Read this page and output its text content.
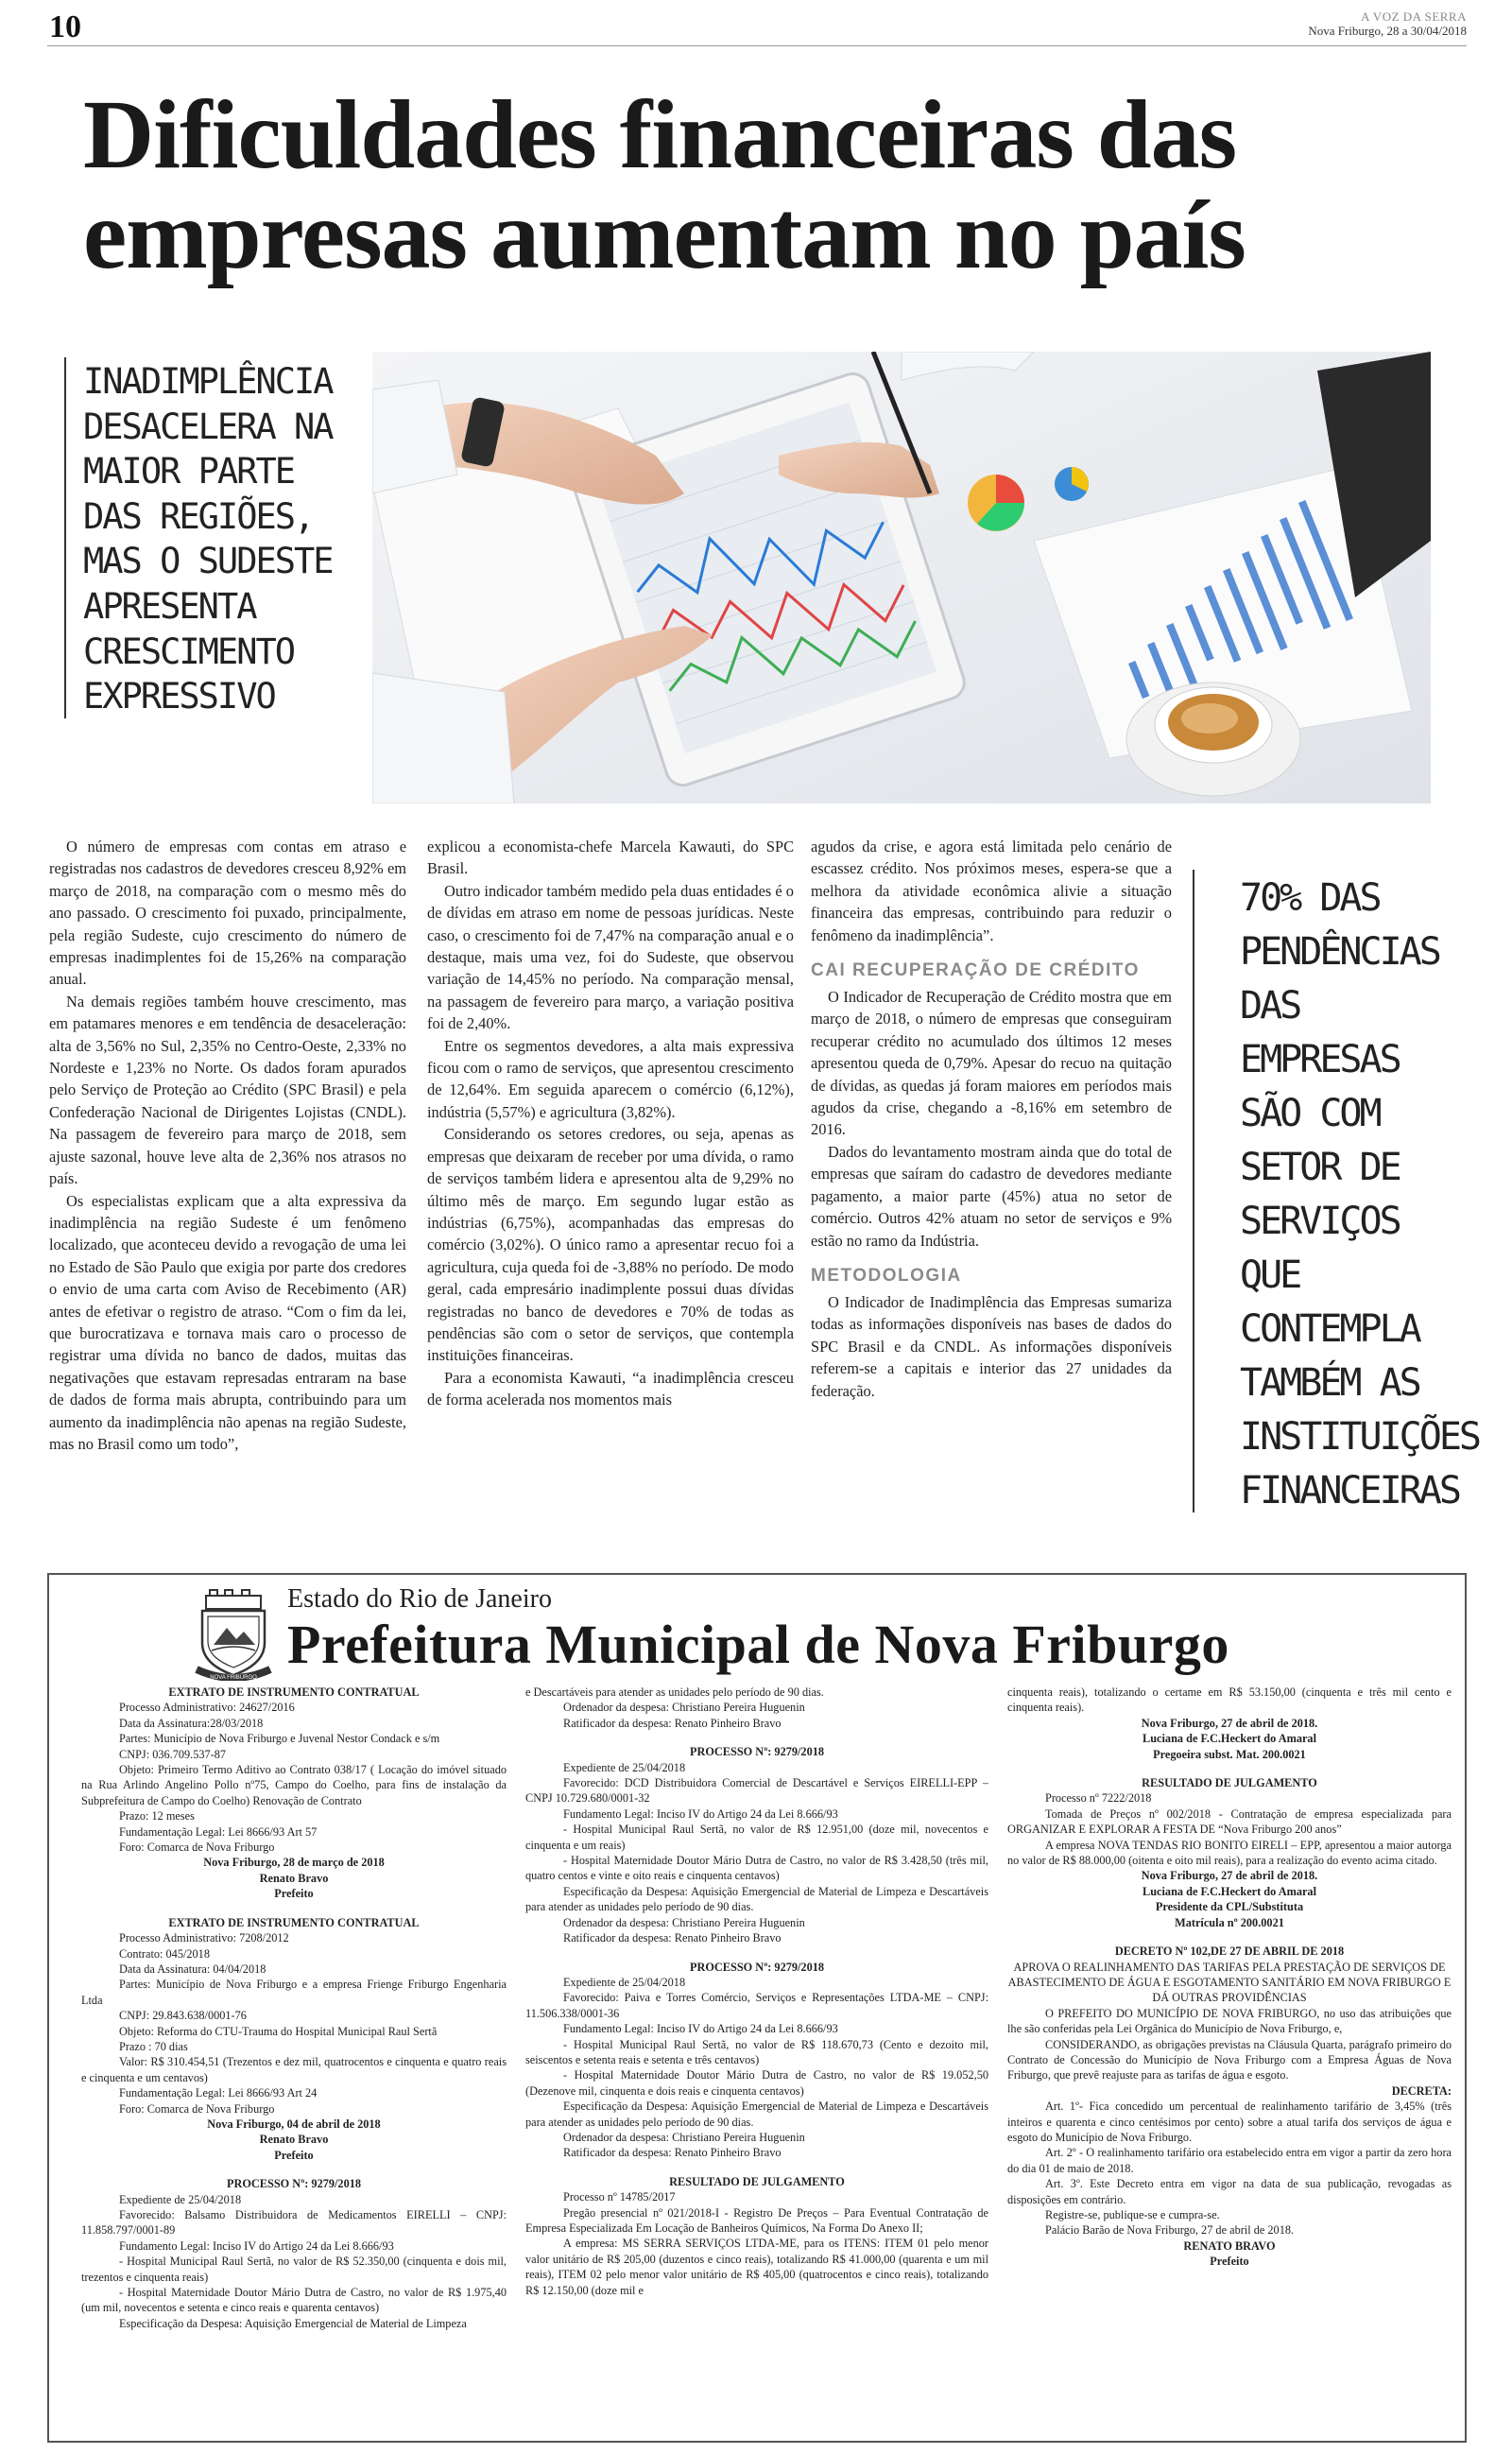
10	A VOZ DA SERRA
Nova Friburgo, 28 a 30/04/2018
Dificuldades financeiras das empresas aumentam no país
INADIMPLÊNCIA DESACELERA NA MAIOR PARTE DAS REGIÕES, MAS O SUDESTE APRESENTA CRESCIMENTO EXPRESSIVO

O número de empresas com contas em atraso e registradas nos cadastros de devedores cresceu 8,92% em março de 2018, na comparação com o mesmo mês do ano passado. O crescimento foi puxado, principalmente, pela região Sudeste, cujo crescimento do número de empresas inadimplentes foi de 15,26% na comparação anual.

Na demais regiões também houve crescimento, mas em patamares menores e em tendência de desaceleração: alta de 3,56% no Sul, 2,35% no Centro-Oeste, 2,33% no Nordeste e 1,23% no Norte. Os dados foram apurados pelo Serviço de Proteção ao Crédito (SPC Brasil) e pela Confederação Nacional de Dirigentes Lojistas (CNDL). Na passagem de fevereiro para março de 2018, sem ajuste sazonal, houve leve alta de 2,36% nos atrasos no país.

Os especialistas explicam que a alta expressiva da inadimplência na região Sudeste é um fenômeno localizado, que aconteceu devido a revogação de uma lei no Estado de São Paulo que exigia por parte dos credores o envio de uma carta com Aviso de Recebimento (AR) antes de efetivar o registro de atraso. “Com o fim da lei, que burocratizava e tornava mais caro o processo de registrar uma dívida no banco de dados, muitas das negativações que estavam represadas entraram na base de dados de forma mais abrupta, contribuindo para um aumento da inadimplência não apenas na região Sudeste, mas no Brasil como um todo”,

explicou a economista-chefe Marcela Kawauti, do SPC Brasil.

Outro indicador também medido pela duas entidades é o de dívidas em atraso em nome de pessoas jurídicas. Neste caso, o crescimento foi de 7,47% na comparação anual e o destaque, mais uma vez, foi do Sudeste, que observou variação de 14,45% no período. Na comparação mensal, na passagem de fevereiro para março, a variação positiva foi de 2,40%.

Entre os segmentos devedores, a alta mais expressiva ficou com o ramo de serviços, que apresentou crescimento de 12,64%. Em seguida aparecem o comércio (6,12%), indústria (5,57%) e agricultura (3,82%).

Considerando os setores credores, ou seja, apenas as empresas que deixaram de receber por uma dívida, o ramo de serviços também lidera e apresentou alta de 9,29% no último mês de março. Em segundo lugar estão as indústrias (6,75%), acompanhadas das empresas do comércio (3,02%). O único ramo a apresentar recuo foi a agricultura, cuja queda foi de -3,88% no período. De modo geral, cada empresário inadimplente possui duas dívidas registradas no banco de devedores e 70% de todas as pendências são com o setor de serviços, que contempla instituições financeiras.

Para a economista Kawauti, “a inadimplência cresceu de forma acelerada nos momentos mais

agudos da crise, e agora está limitada pelo cenário de escassez crédito. Nos próximos meses, espera-se que a melhora da atividade econômica alivie a situação financeira das empresas, contribuindo para reduzir o fenômeno da inadimplência”.

CAI RECUPERAÇÃO DE CRÉDITO

O Indicador de Recuperação de Crédito mostra que em março de 2018, o número de empresas que conseguiram recuperar crédito no acumulado dos últimos 12 meses apresentou queda de 0,79%. Apesar do recuo na quitação de dívidas, as quedas já foram maiores em períodos mais agudos da crise, chegando a -8,16% em setembro de 2016.

Dados do levantamento mostram ainda que do total de empresas que saíram do cadastro de devedores mediante pagamento, a maior parte (45%) atua no setor de comércio. Outros 42% atuam no setor de serviços e 9% estão no ramo da Indústria.

METODOLOGIA

O Indicador de Inadimplência das Empresas sumariza todas as informações disponíveis nas bases de dados do SPC Brasil e da CNDL. As informações disponíveis referem-se a capitais e interior das 27 unidades da federação.

70% DAS PENDÊNCIAS DAS EMPRESAS SÃO COM SETOR DE SERVIÇOS QUE CONTEMPLA TAMBÉM AS INSTITUIÇÕES FINANCEIRAS
NOVA FRIBURGO
Estado do Rio de Janeiro
Prefeitura Municipal de Nova Friburgo
EXTRATO DE INSTRUMENTO CONTRATUAL

Processo Administrativo: 24627/2016

Data da Assinatura:28/03/2018

Partes: Município de Nova Friburgo e Juvenal Nestor Condack e s/m

CNPJ: 036.709.537-87

Objeto: Primeiro Termo Aditivo ao Contrato 038/17 ( Locação do imóvel situado na Rua Arlindo Angelino Pollo nº75, Campo do Coelho, para fins de instalação da Subprefeitura de Campo do Coelho) Renovação de Contrato

Prazo: 12 meses

Fundamentação Legal: Lei 8666/93 Art 57

Foro: Comarca de Nova Friburgo

Nova Friburgo, 28 de março de 2018

Renato Bravo

Prefeito

EXTRATO DE INSTRUMENTO CONTRATUAL

Processo Administrativo: 7208/2012

Contrato: 045/2018

Data da Assinatura: 04/04/2018

Partes: Município de Nova Friburgo e a empresa Frienge Friburgo Engenharia Ltda

CNPJ: 29.843.638/0001-76

Objeto: Reforma do CTU-Trauma do Hospital Municipal Raul Sertã

Prazo : 70 dias

Valor: R$ 310.454,51 (Trezentos e dez mil, quatrocentos e cinquenta e quatro reais e cinquenta e um centavos)

Fundamentação Legal: Lei 8666/93 Art 24

Foro: Comarca de Nova Friburgo

Nova Friburgo, 04 de abril de 2018

Renato Bravo

Prefeito

PROCESSO Nº: 9279/2018

Expediente de 25/04/2018

Favorecido: Balsamo Distribuidora de Medicamentos EIRELLI – CNPJ: 11.858.797/0001-89

Fundamento Legal: Inciso IV do Artigo 24 da Lei 8.666/93

- Hospital Municipal Raul Sertã, no valor de R$ 52.350,00 (cinquenta e dois mil, trezentos e cinquenta reais)

- Hospital Maternidade Doutor Mário Dutra de Castro, no valor de R$ 1.975,40 (um mil, novecentos e setenta e cinco reais e quarenta centavos)

Especificação da Despesa: Aquisição Emergencial de Material de Limpeza

e Descartáveis para atender as unidades pelo período de 90 dias.

Ordenador da despesa: Christiano Pereira Huguenin

Ratificador da despesa: Renato Pinheiro Bravo

PROCESSO Nº: 9279/2018

Expediente de 25/04/2018

Favorecido: DCD Distribuidora Comercial de Descartável e Serviços EIRELLI-EPP – CNPJ 10.729.680/0001-32

Fundamento Legal: Inciso IV do Artigo 24 da Lei 8.666/93

- Hospital Municipal Raul Sertã, no valor de R$ 12.951,00 (doze mil, novecentos e cinquenta e um reais)

- Hospital Maternidade Doutor Mário Dutra de Castro, no valor de R$ 3.428,50 (três mil, quatro centos e vinte e oito reais e cinquenta centavos)

Especificação da Despesa: Aquisição Emergencial de Material de Limpeza e Descartáveis para atender as unidades pelo período de 90 dias.

Ordenador da despesa: Christiano Pereira Huguenin

Ratificador da despesa: Renato Pinheiro Bravo

PROCESSO Nº: 9279/2018

Expediente de 25/04/2018

Favorecido: Paiva e Torres Comércio, Serviços e Representações LTDA-ME – CNPJ: 11.506.338/0001-36

Fundamento Legal: Inciso IV do Artigo 24 da Lei 8.666/93

- Hospital Municipal Raul Sertã, no valor de R$ 118.670,73 (Cento e dezoito mil, seiscentos e setenta reais e setenta e três centavos)

- Hospital Maternidade Doutor Mário Dutra de Castro, no valor de R$ 19.052,50 (Dezenove mil, cinquenta e dois reais e cinquenta centavos)

Especificação da Despesa: Aquisição Emergencial de Material de Limpeza e Descartáveis para atender as unidades pelo período de 90 dias.

Ordenador da despesa: Christiano Pereira Huguenin

Ratificador da despesa: Renato Pinheiro Bravo

RESULTADO DE JULGAMENTO

Processo nº 14785/2017

Pregão presencial nº 021/2018-I - Registro De Preços – Para Eventual Contratação de Empresa Especializada Em Locação de Banheiros Químicos, Na Forma Do Anexo II;

A empresa: MS SERRA SERVIÇOS LTDA-ME, para os ITENS: ITEM 01 pelo menor valor unitário de R$ 205,00 (duzentos e cinco reais), totalizando R$ 41.000,00 (quarenta e um mil reais), ITEM 02 pelo menor valor unitário de R$ 405,00 (quatrocentos e cinco reais), totalizando R$ 12.150,00 (doze mil e

cinquenta reais), totalizando o certame em R$ 53.150,00 (cinquenta e três mil cento e cinquenta reais).

Nova Friburgo, 27 de abril de 2018.

Luciana de F.C.Heckert do Amaral

Pregoeira subst. Mat. 200.0021

RESULTADO DE JULGAMENTO

Processo nº 7222/2018

Tomada de Preços nº 002/2018 - Contratação de empresa especializada para ORGANIZAR E EXPLORAR A FESTA DE “Nova Friburgo 200 anos”

A empresa NOVA TENDAS RIO BONITO EIRELI – EPP, apresentou a maior autorga no valor de R$ 88.000,00 (oitenta e oito mil reais), para a realização do evento acima citado.

Nova Friburgo, 27 de abril de 2018.

Luciana de F.C.Heckert do Amaral

Presidente da CPL/Substituta

Matrícula nº 200.0021

DECRETO Nº 102,DE 27 DE ABRIL DE 2018

APROVA O REALINHAMENTO DAS TARIFAS PELA PRESTAÇÃO DE SERVIÇOS DE ABASTECIMENTO DE ÁGUA E ESGOTAMENTO SANITÁRIO EM NOVA FRIBURGO E DÁ OUTRAS PROVIDÊNCIAS

O PREFEITO DO MUNICÍPIO DE NOVA FRIBURGO, no uso das atribuições que lhe são conferidas pela Lei Orgânica do Município de Nova Friburgo, e,

CONSIDERANDO, as obrigações previstas na Cláusula Quarta, parágrafo primeiro do Contrato de Concessão do Município de Nova Friburgo com a Empresa Águas de Nova Friburgo, que prevê reajuste para as tarifas de água e esgoto.

DECRETA:

Art. 1º- Fica concedido um percentual de realinhamento tarifário de 3,45% (três inteiros e quarenta e cinco centésimos por cento) sobre a atual tarifa dos serviços de água e esgoto do Município de Nova Friburgo.

Art. 2º - O realinhamento tarifário ora estabelecido entra em vigor a partir da zero hora do dia 01 de maio de 2018.

Art. 3º. Este Decreto entra em vigor na data de sua publicação, revogadas as disposições em contrário.

Registre-se, publique-se e cumpra-se.

Palácio Barão de Nova Friburgo, 27 de abril de 2018.

RENATO BRAVO

Prefeito
